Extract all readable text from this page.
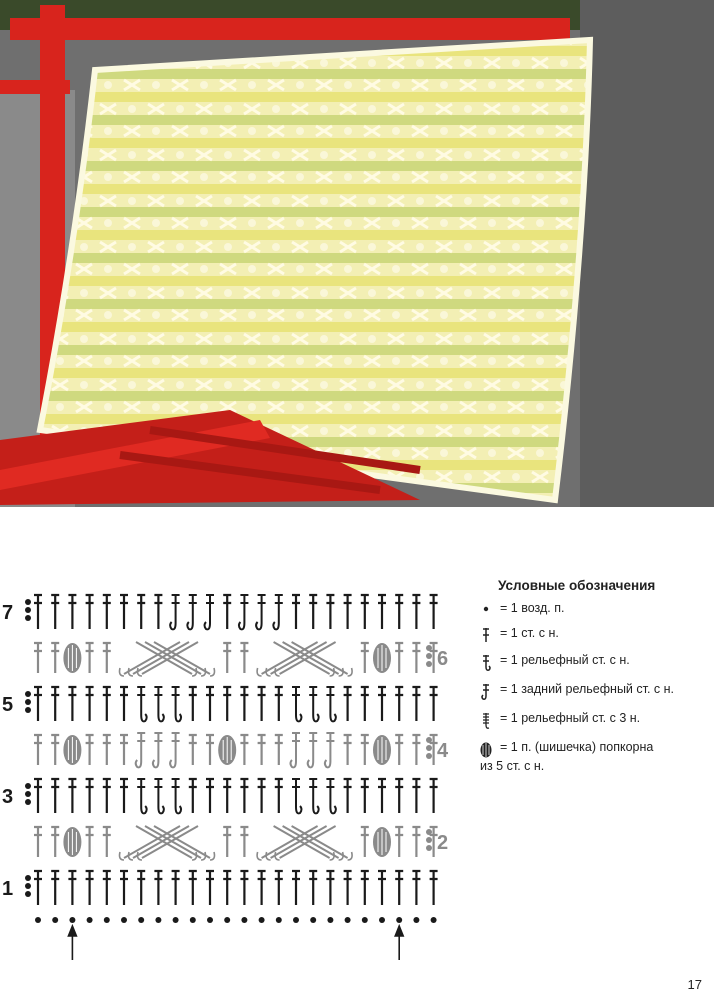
1
3
5
7
2
4
6
Условные обозначения
= 1 возд. п.
= 1 ст. с н.
= 1 рельефный ст. с н.
= 1 задний рельефный ст. с н.
= 1 рельефный ст. с 3 н.
= 1 п. (шишечка) попкорна
из 5 ст. с н.
17
